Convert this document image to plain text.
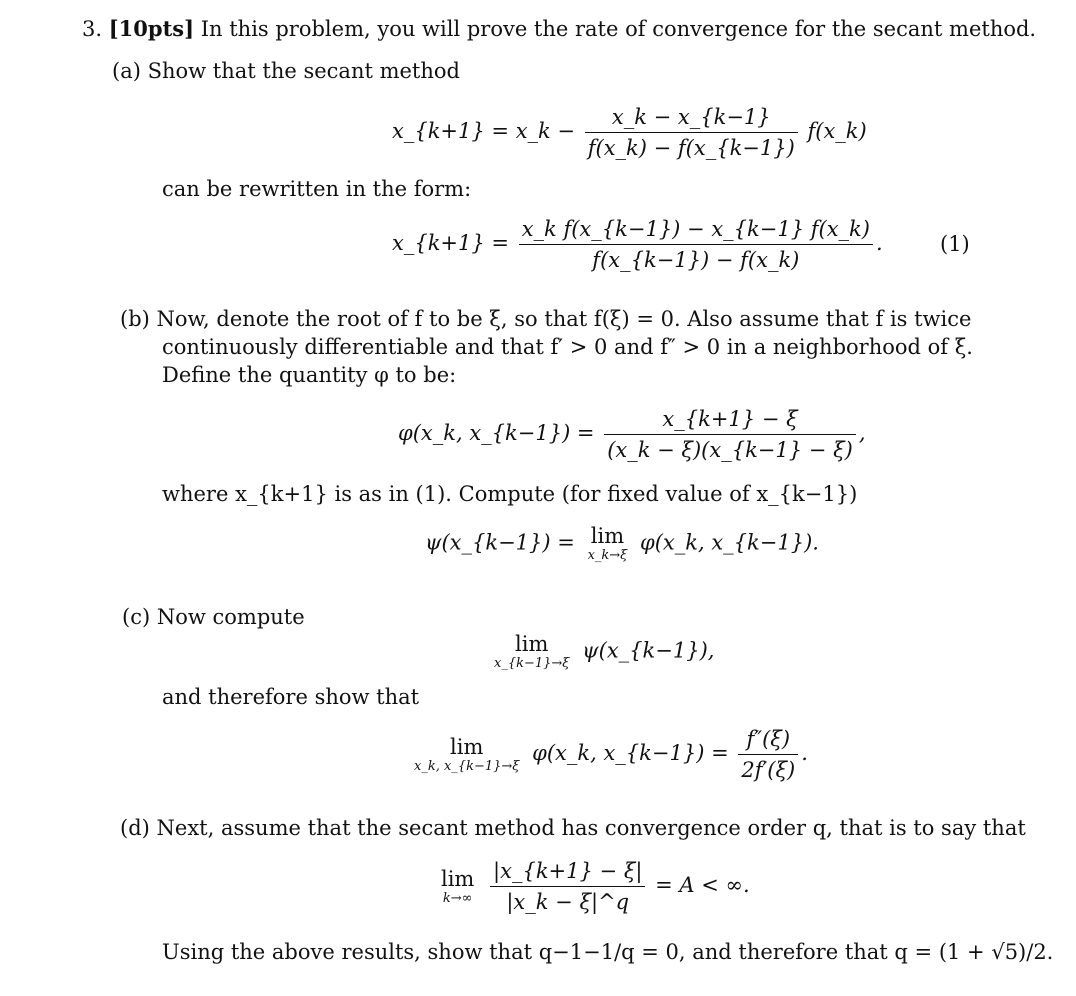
3. [10pts] In this problem, you will prove the rate of convergence for the secant method.
(a) Show that the secant method
x_{k+1} = x_k − $\frac{x\_k - x\_\{k-1\}}{f(x\_k) - f(x\_\{k-1\})}$ f(x_k)
can be rewritten in the form:
x_{k+1} = $\frac{\text{x\_k f(x\_\{k−1\}) − x\_\{k−1\} f(x\_k)}}{f(x\_\{k-1\}) - f(x\_k)}$ .	(1)
(b) Now, denote the root of f to be ξ, so that f(ξ) = 0. Also assume that f is twice
continuously differentiable and that f′ > 0 and f″ > 0 in a neighborhood of ξ.
Define the quantity φ to be:
φ(x_k, x_{k−1}) = $\frac{x\_\{k+1\} - \xi}{(x\_k - \xi)(x\_\{k-1\} - \xi)}$ ,
where x_{k+1} is as in (1). Compute (for fixed value of x_{k−1})
ψ(x_{k−1}) = lim
x_k→ξ
φ(x_k, x_{k−1}).
(c) Now compute
lim
x_{k−1}→ξ
ψ(x_{k−1}),
and therefore show that
lim
x_k, x_{k−1}→ξ
φ(x_k, x_{k−1}) = $\frac{f''(\xi)}{2f'(\xi)}$ .
(d) Next, assume that the secant method has convergence order q, that is to say that
lim
k→∞
$\frac{|x\_\{k+1\} - \xi|}{|x\_k - \xi|\^{}q} = A$ < ∞.
Using the above results, show that q−1−1/q = 0, and therefore that q = (1 + √5)/2.
